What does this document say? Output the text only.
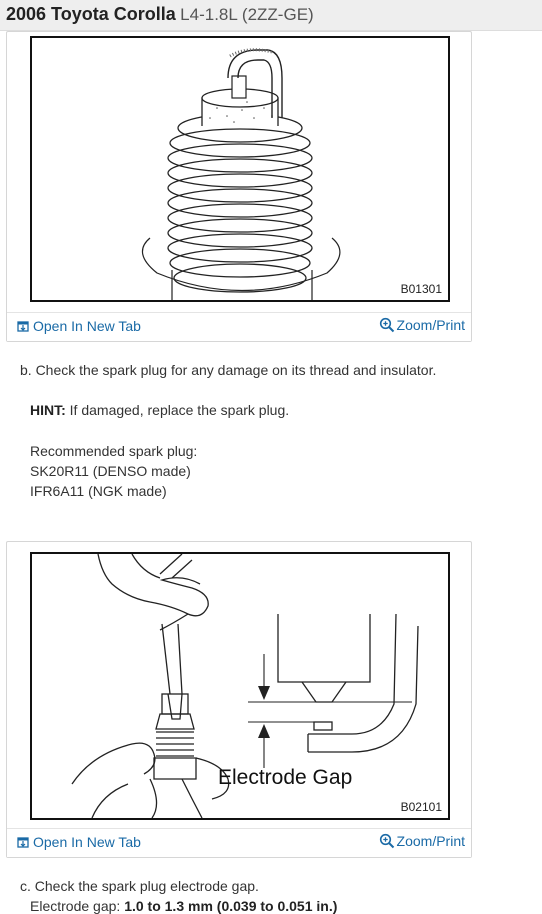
2006 Toyota Corolla L4-1.8L (2ZZ-GE)
B01301
Open In New Tab	Zoom/Print
b. Check the spark plug for any damage on its thread and insulator.
HINT: If damaged, replace the spark plug.
Recommended spark plug:
SK20R11 (DENSO made)
IFR6A11 (NGK made)
Electrode Gap
B02101
Open In New Tab	Zoom/Print
c. Check the spark plug electrode gap.
Electrode gap: 1.0 to 1.3 mm (0.039 to 0.051 in.)
